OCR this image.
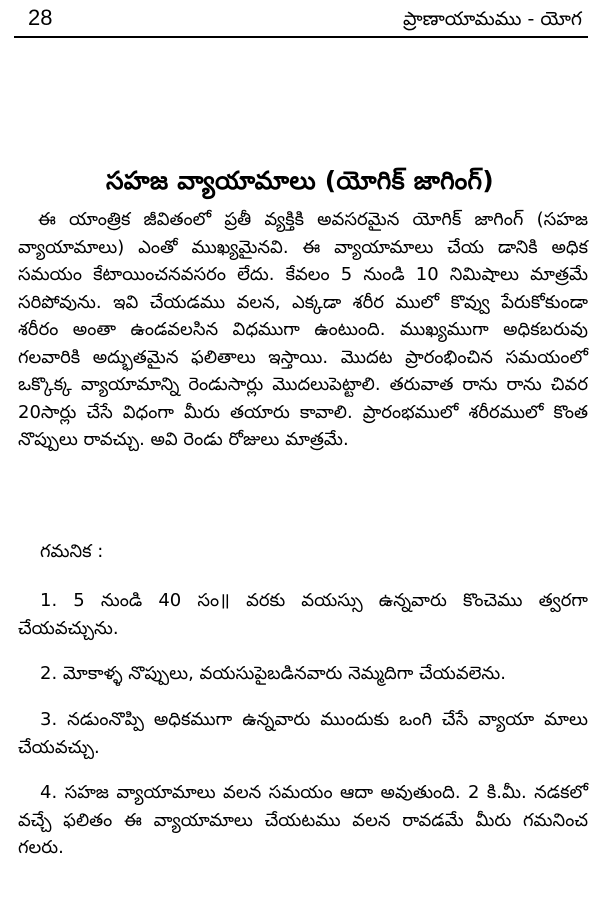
28	ప్రాణాయామము - యోగ
సహజ వ్యాయామాలు (యోగిక్ జాగింగ్)

ఈ యాంత్రిక జీవితంలో ప్రతీ వ్యక్తికి అవసరమైన యోగిక్ జాగింగ్ (సహజ వ్యాయామాలు) ఎంతో ముఖ్యమైనవి. ఈ వ్యాయామాలు చేయ డానికి అధిక సమయం కేటాయించనవసరం లేదు. కేవలం 5 నుండి 10 నిమిషాలు మాత్రమే సరిపోవును. ఇవి చేయడము వలన, ఎక్కడా శరీర ములో కొవ్వు పేరుకోకుండా శరీరం అంతా ఉండవలసిన విధముగా ఉంటుంది. ముఖ్యముగా అధికబరువు గలవారికి అద్భుతమైన ఫలితాలు ఇస్తాయి. మొదట ప్రారంభించిన సమయంలో ఒక్కొక్క వ్యాయామాన్ని రెండుసార్లు మొదలుపెట్టాలి. తరువాత రాను రాను చివర 20సార్లు చేసే విధంగా మీరు తయారు కావాలి. ప్రారంభములో శరీరములో కొంత నొప్పులు రావచ్చు. అవి రెండు రోజులు మాత్రమే.

గమనిక :

1. 5 నుండి 40 సం॥ వరకు వయస్సు ఉన్నవారు కొంచెము త్వరగా చేయవచ్చును.

2. మోకాళ్ళ నొప్పులు, వయసుపైబడినవారు నెమ్మదిగా చేయవలెను.

3. నడుంనొప్పి అధికముగా ఉన్నవారు ముందుకు ఒంగి చేసే వ్యాయా మాలు చేయవచ్చు.

4. సహజ వ్యాయామాలు వలన సమయం ఆదా అవుతుంది. 2 కి.మీ. నడకలో వచ్చే ఫలితం ఈ వ్యాయామాలు చేయటము వలన రావడమే మీరు గమనించ గలరు.
